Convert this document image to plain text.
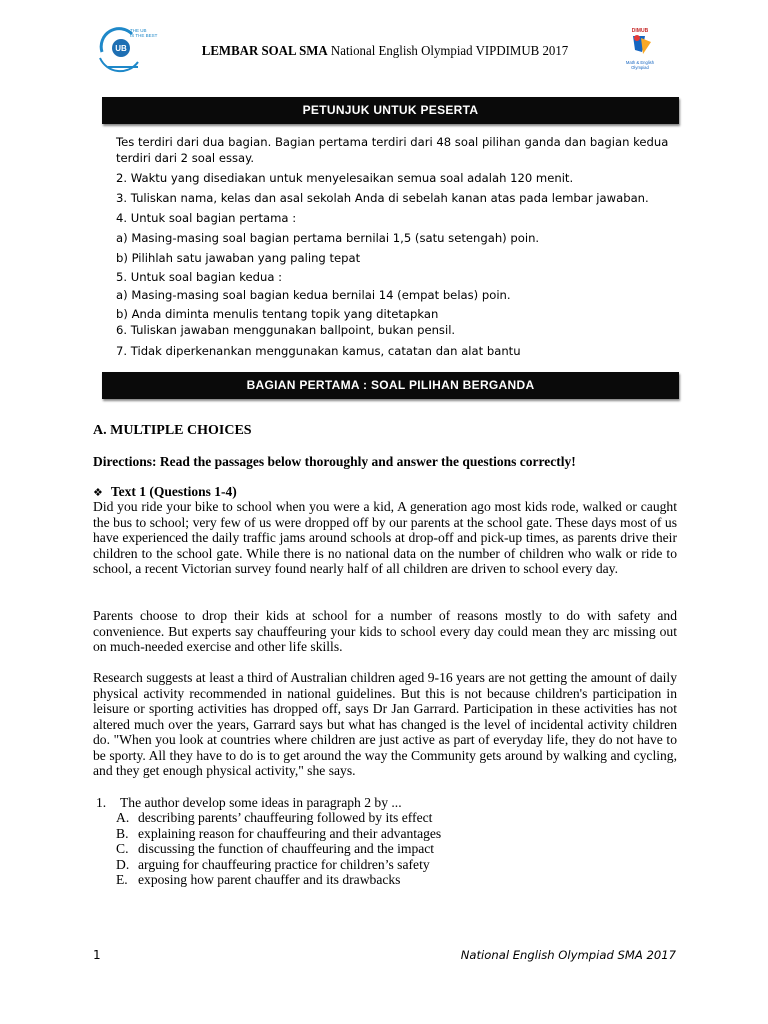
UB
THE UB
IS THE BEST
LEMBAR SOAL SMA National English Olympiad VIPDIMUB 2017
DIMUB
Math & English
Olympiad
PETUNJUK UNTUK PESERTA
Tes terdiri dari dua bagian. Bagian pertama terdiri dari 48 soal pilihan ganda dan bagian kedua
terdiri dari 2 soal essay.
2. Waktu yang disediakan untuk menyelesaikan semua soal adalah 120 menit.
3. Tuliskan nama, kelas dan asal sekolah Anda di sebelah kanan atas pada lembar jawaban.
4. Untuk soal bagian pertama :
a) Masing-masing soal bagian pertama bernilai 1,5 (satu setengah) poin.
b) Pilihlah satu jawaban yang paling tepat
5. Untuk soal bagian kedua :
a) Masing-masing soal bagian kedua bernilai 14 (empat belas) poin.
b) Anda diminta menulis tentang topik yang ditetapkan
6. Tuliskan jawaban menggunakan ballpoint, bukan pensil.
7. Tidak diperkenankan menggunakan kamus, catatan dan alat bantu
BAGIAN PERTAMA : SOAL PILIHAN BERGANDA
A. MULTIPLE CHOICES
Directions: Read the passages below thoroughly and answer the questions correctly!
❖ Text 1 (Questions 1-4)
Did you ride your bike to school when you were a kid, A generation ago most kids rode, walked or caught the bus to school; very few of us were dropped off by our parents at the school gate. These days most of us have experienced the daily traffic jams around schools at drop-off and pick-up times, as parents drive their children to the school gate. While there is no national data on the number of children who walk or ride to school, a recent Victorian survey found nearly half of all children are driven to school every day.
Parents choose to drop their kids at school for a number of reasons mostly to do with safety and convenience. But experts say chauffeuring your kids to school every day could mean they arc missing out on much-needed exercise and other life skills.
Research suggests at least a third of Australian children aged 9-16 years are not getting the amount of daily physical activity recommended in national guidelines. But this is not because children's participation in leisure or sporting activities has dropped off, says Dr Jan Garrard. Participation in these activities has not altered much over the years, Garrard says but what has changed is the level of incidental activity children do. "When you look at countries where children are just active as part of everyday life, they do not have to be sporty. All they have to do is to get around the way the Community gets around by walking and cycling, and they get enough physical activity," she says.
1. The author develop some ideas in paragraph 2 by ...
A. describing parents’ chauffeuring followed by its effect
B. explaining reason for chauffeuring and their advantages
C. discussing the function of chauffeuring and the impact
D. arguing for chauffeuring practice for children’s safety
E. exposing how parent chauffer and its drawbacks
1	National English Olympiad SMA 2017
